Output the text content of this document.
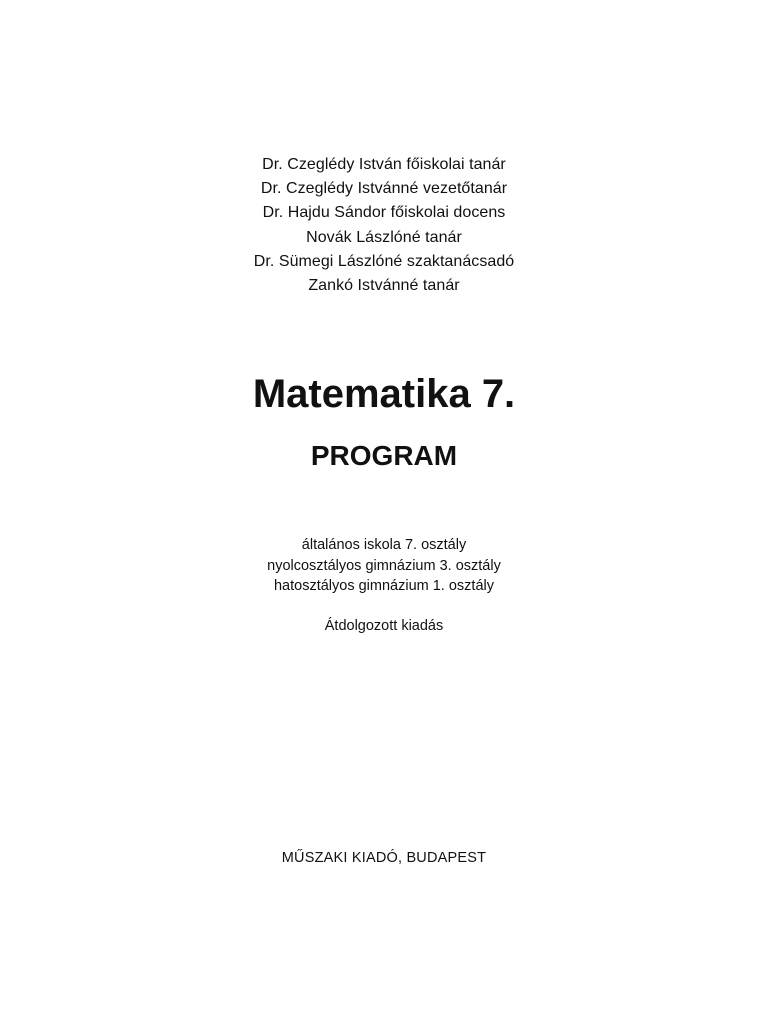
Dr. Czeglédy István főiskolai tanár
Dr. Czeglédy Istvánné vezetőtanár
Dr. Hajdu Sándor főiskolai docens
Novák Lászlóné tanár
Dr. Sümegi Lászlóné szaktanácsadó
Zankó Istvánné tanár
Matematika 7.
PROGRAM
általános iskola 7. osztály
nyolcosztályos gimnázium 3. osztály
hatosztályos gimnázium 1. osztály
Átdolgozott kiadás
MŰSZAKI KIADÓ, BUDAPEST
